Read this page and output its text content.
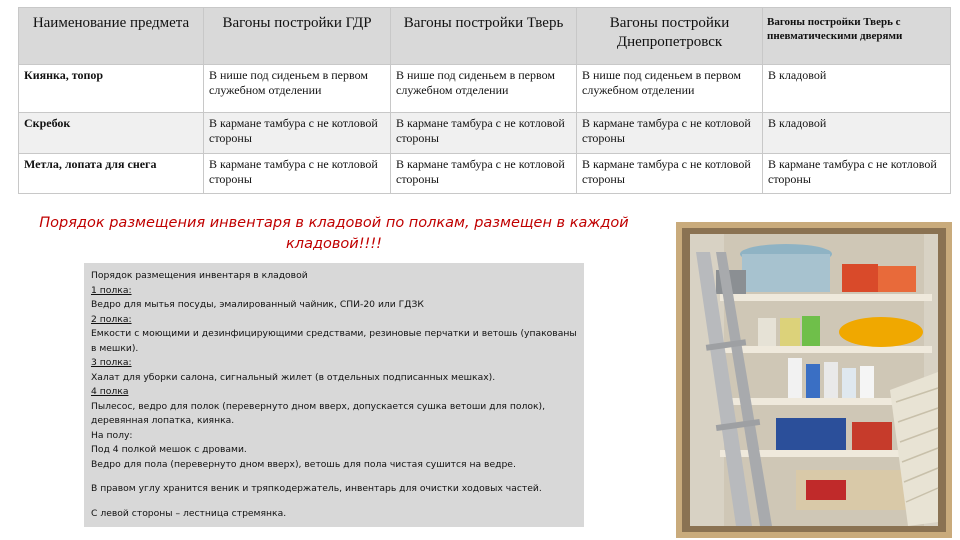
Наименование предмета	Вагоны постройки ГДР	Вагоны постройки Тверь	Вагоны постройки Днепропетровск	Вагоны постройки Тверь с пневматическими дверями
Киянка, топор	В нише под сиденьем в первом служебном отделении	В нише под сиденьем в первом служебном отделении	В нише под сиденьем в первом служебном отделении	В кладовой
Скребок	В кармане тамбура с не котловой стороны	В кармане тамбура с не котловой стороны	В кармане тамбура с не котловой стороны	В кладовой
Метла, лопата для снега	В кармане тамбура с не котловой стороны	В кармане тамбура с не котловой стороны	В кармане тамбура с не котловой стороны	В кармане тамбура с не котловой стороны
Порядок размещения инвентаря в кладовой по полкам, размещен в каждой кладовой!!!!
Порядок размещения инвентаря в кладовой
1 полка:
Ведро для мытья посуды, эмалированный чайник, СПИ-20 или ГДЗК
2 полка:
Емкости с моющими и дезинфицирующими средствами, резиновые перчатки и ветошь (упакованы в мешки).
3 полка:
Халат для уборки салона, сигнальный жилет (в отдельных подписанных мешках).
4 полка
Пылесос, ведро для полок (перевернуто дном вверх, допускается сушка ветоши для полок), деревянная лопатка, киянка.
На полу:
Под 4 полкой мешок с дровами.
Ведро для пола (перевернуто дном вверх), ветошь для пола чистая сушится на ведре.
В правом углу хранится веник и тряпкодержатель, инвентарь для очистки ходовых частей.
С левой стороны – лестница стремянка.
